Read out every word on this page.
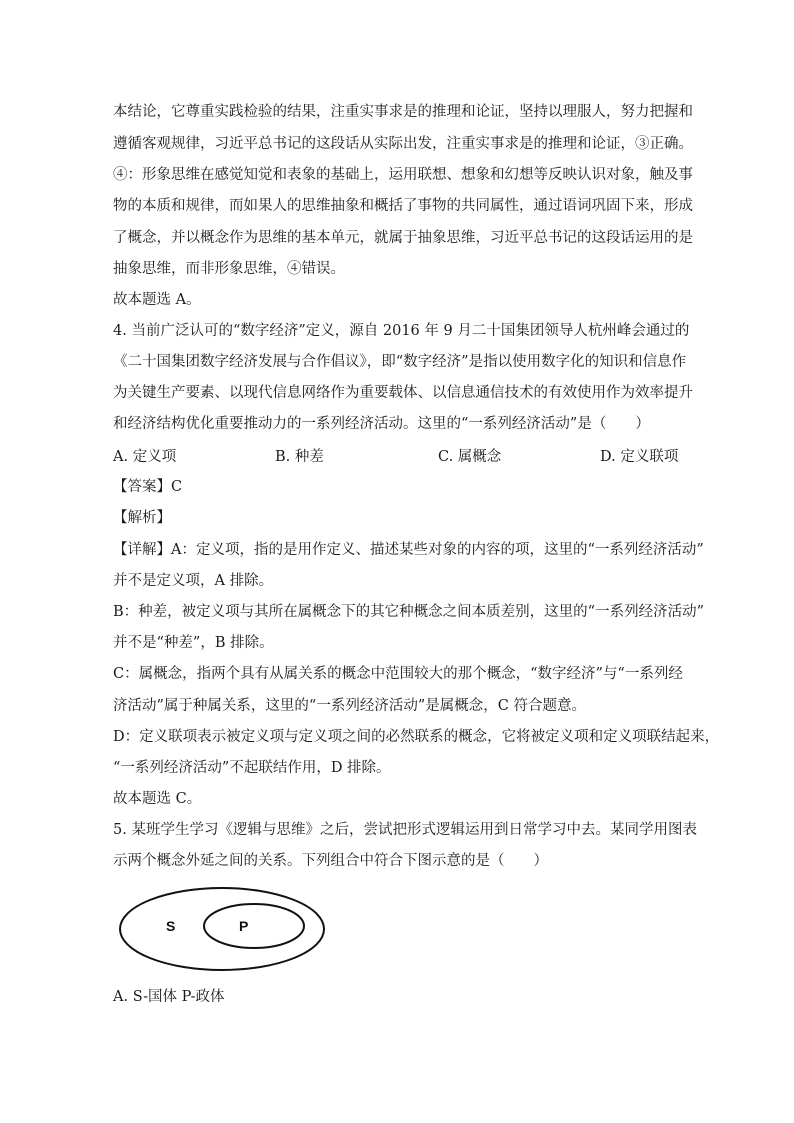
本结论，它尊重实践检验的结果，注重实事求是的推理和论证，坚持以理服人，努力把握和
遵循客观规律，习近平总书记的这段话从实际出发，注重实事求是的推理和论证，③正确。
④：形象思维在感觉知觉和表象的基础上，运用联想、想象和幻想等反映认识对象，触及事
物的本质和规律，而如果人的思维抽象和概括了事物的共同属性，通过语词巩固下来，形成
了概念，并以概念作为思维的基本单元，就属于抽象思维，习近平总书记的这段话运用的是
抽象思维，而非形象思维，④错误。
故本题选 A。
4. 当前广泛认可的“数字经济”定义，源自 2016 年 9 月二十国集团领导人杭州峰会通过的
《二十国集团数字经济发展与合作倡议》，即“数字经济”是指以使用数字化的知识和信息作
为关键生产要素、以现代信息网络作为重要载体、以信息通信技术的有效使用作为效率提升
和经济结构优化重要推动力的一系列经济活动。这里的“一系列经济活动”是（　　）
A. 定义项	B. 种差	C. 属概念	D. 定义联项
【答案】C
【解析】
【详解】A：定义项，指的是用作定义、描述某些对象的内容的项，这里的“一系列经济活动”
并不是定义项，A 排除。
B：种差，被定义项与其所在属概念下的其它种概念之间本质差别，这里的“一系列经济活动”
并不是“种差”，B 排除。
C：属概念，指两个具有从属关系的概念中范围较大的那个概念，“数字经济”与“一系列经
济活动”属于种属关系，这里的“一系列经济活动”是属概念，C 符合题意。
D：定义联项表示被定义项与定义项之间的必然联系的概念，它将被定义项和定义项联结起来，
“一系列经济活动”不起联结作用，D 排除。
故本题选 C。
5. 某班学生学习《逻辑与思维》之后，尝试把形式逻辑运用到日常学习中去。某同学用图表
示两个概念外延之间的关系。下列组合中符合下图示意的是（　　）
S	P
A. S-国体 P-政体
